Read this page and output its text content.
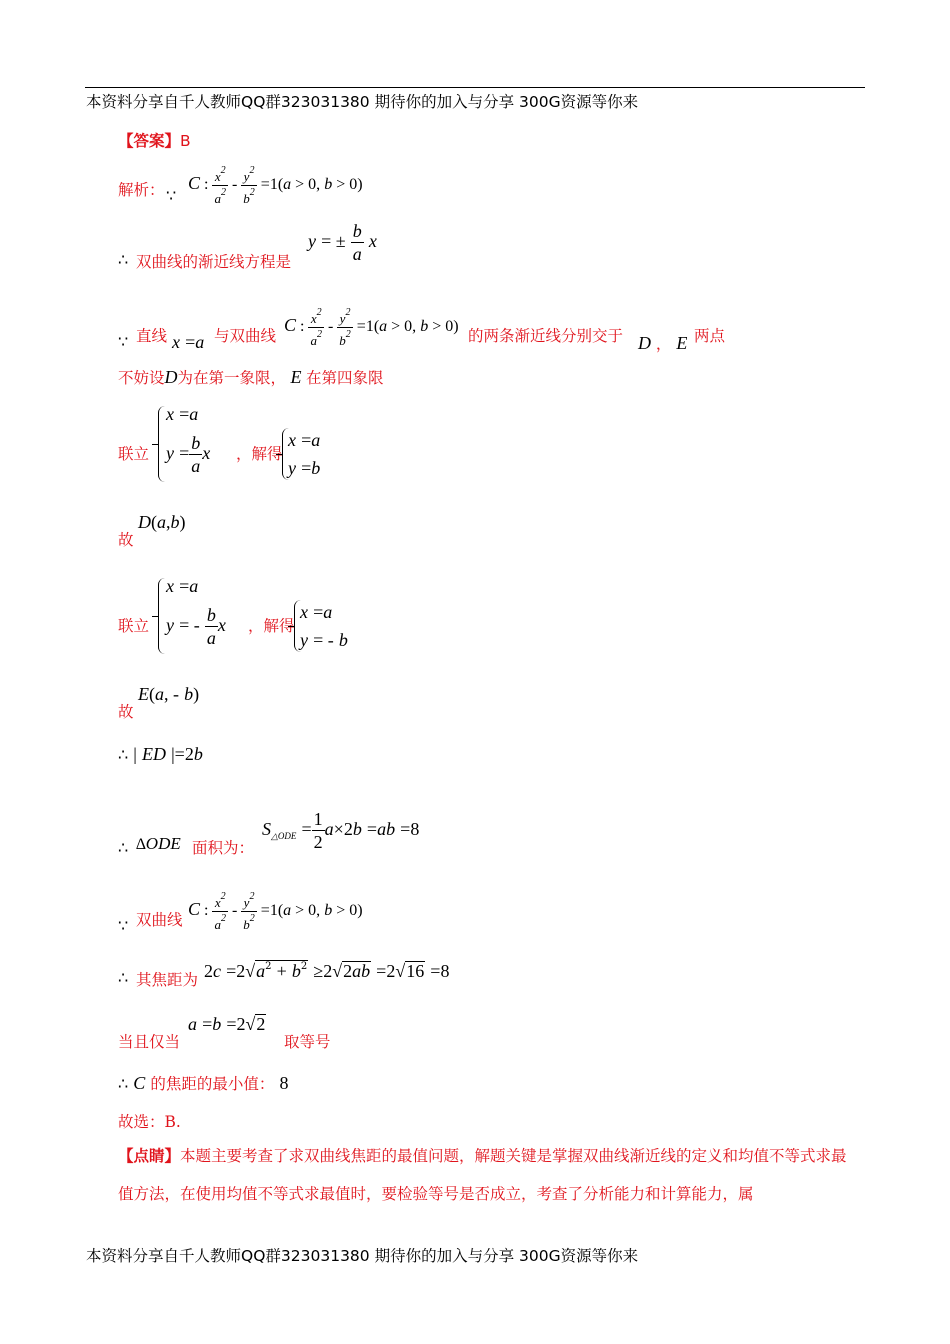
本资料分享自千人教师QQ群323031380 期待你的加入与分享 300G资源等你来
【答案】B
解析： ∵
C : $\frac{x^2}{a^2} - \frac{y^2}{b^2} =1(a > 0$, b > 0)
∴ 双曲线的渐近线方程是
y = ± $\frac{b}{a}$ x
∵ 直线 x =a 与双曲线
C : $\frac{x^2}{a^2} - \frac{y^2}{b^2} =1(a > 0$, b > 0)
的两条渐近线分别交于 D ， E 两点
不妨设D为在第一象限， E 在第四象限
联立
x =a
$y = \frac{b}{a}$ x ，解得
x =a
y =b
故
D(a,b)
联立
x =a
y = - $\frac{b}{a}$ x ，解得
x =a
y = - b
故
E(a, - b)
∴ | ED |=2b
∴ ∆ODE 面积为：
$S_{\triangle ODE} = \frac{1}{2} a\times 2b =ab =8$
∵ 双曲线
C : $\frac{x^2}{a^2} - \frac{y^2}{b^2} =1(a > 0$, b > 0)
∴ 其焦距为 $2c =2√a^2 + b^2 \ge 2√2ab =2√16 =8$
当且仅当
a =b =2√2
取等号
∴ C 的焦距的最小值： 8
故选：B.
【点睛】本题主要考查了求双曲线焦距的最值问题，解题关键是掌握双曲线渐近线的定义和均值不等式求最值方法，在使用均值不等式求最值时，要检验等号是否成立，考查了分析能力和计算能力，属
本资料分享自千人教师QQ群323031380 期待你的加入与分享 300G资源等你来
